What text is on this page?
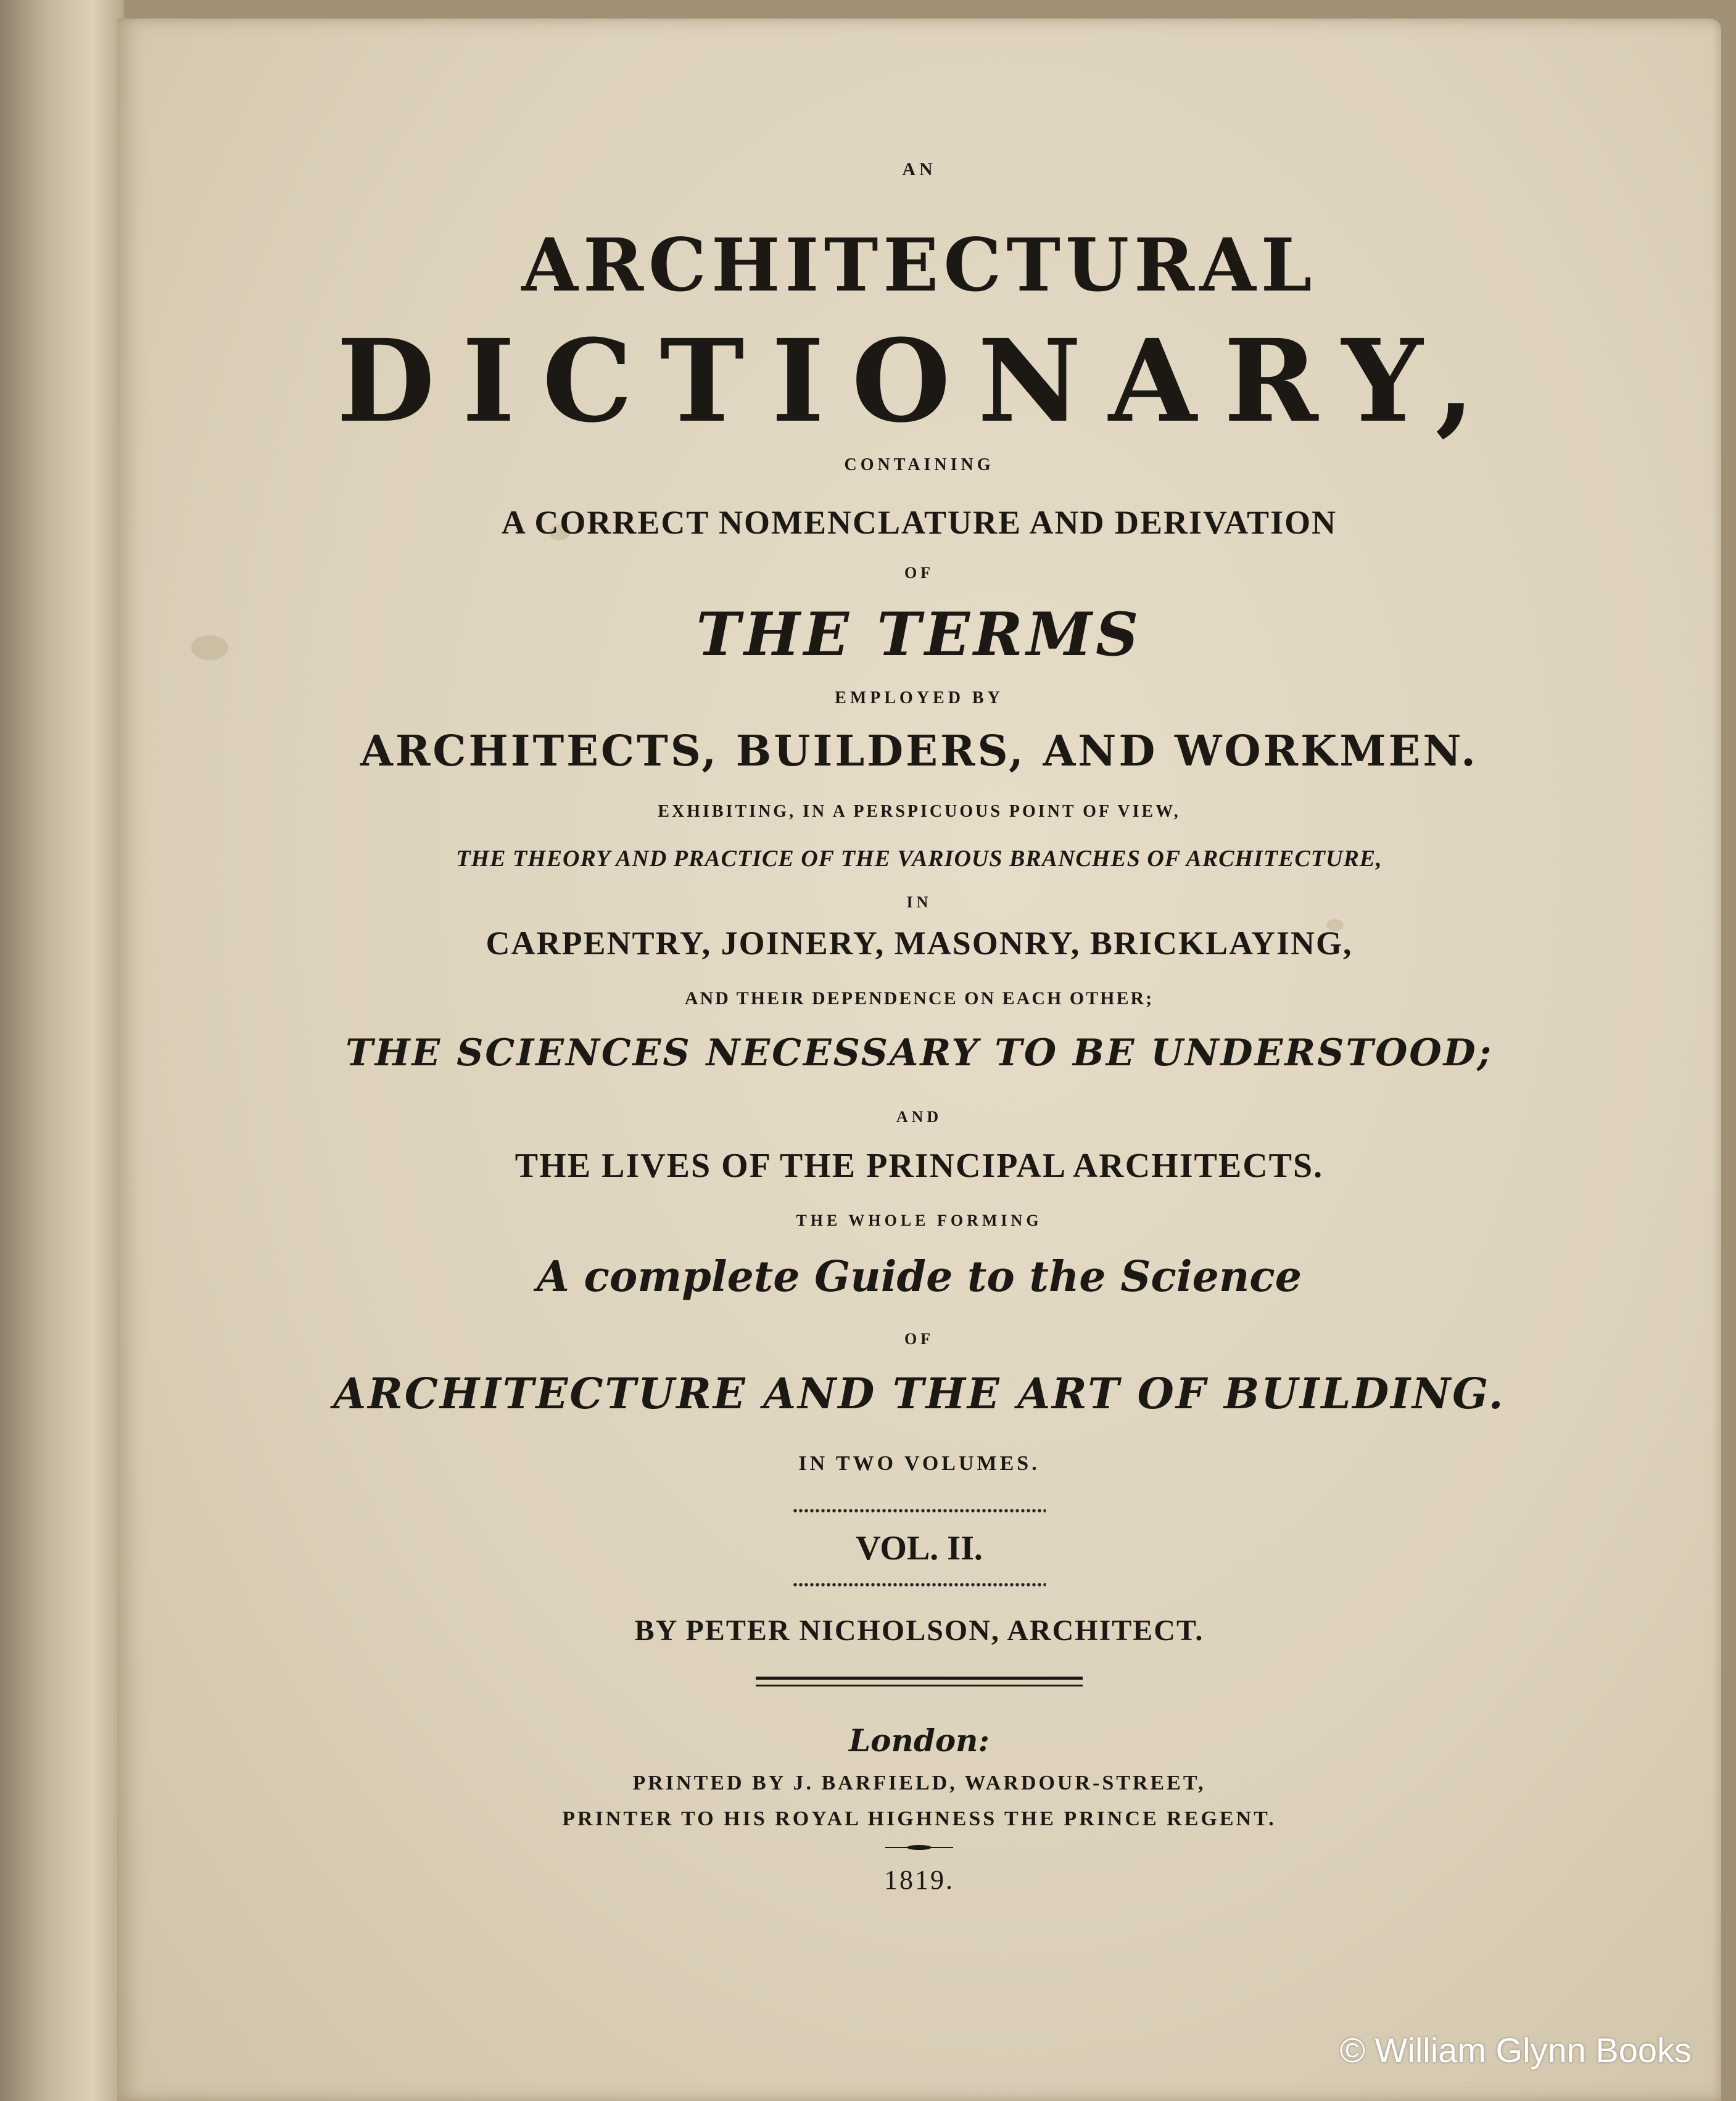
AN
ARCHITECTURAL
DICTIONARY,
CONTAINING
A CORRECT NOMENCLATURE AND DERIVATION
OF
THE TERMS
EMPLOYED BY
ARCHITECTS, BUILDERS, AND WORKMEN.
EXHIBITING, IN A PERSPICUOUS POINT OF VIEW,
THE THEORY AND PRACTICE OF THE VARIOUS BRANCHES OF ARCHITECTURE,
IN
CARPENTRY, JOINERY, MASONRY, BRICKLAYING,
AND THEIR DEPENDENCE ON EACH OTHER;
THE SCIENCES NECESSARY TO BE UNDERSTOOD;
AND
THE LIVES OF THE PRINCIPAL ARCHITECTS.
THE WHOLE FORMING
A complete Guide to the Science
OF
ARCHITECTURE AND THE ART OF BUILDING.
IN TWO VOLUMES.
VOL. II.
BY PETER NICHOLSON, ARCHITECT.
London:
PRINTED BY J. BARFIELD, WARDOUR-STREET,
PRINTER TO HIS ROYAL HIGHNESS THE PRINCE REGENT.
1819.
© William Glynn Books
